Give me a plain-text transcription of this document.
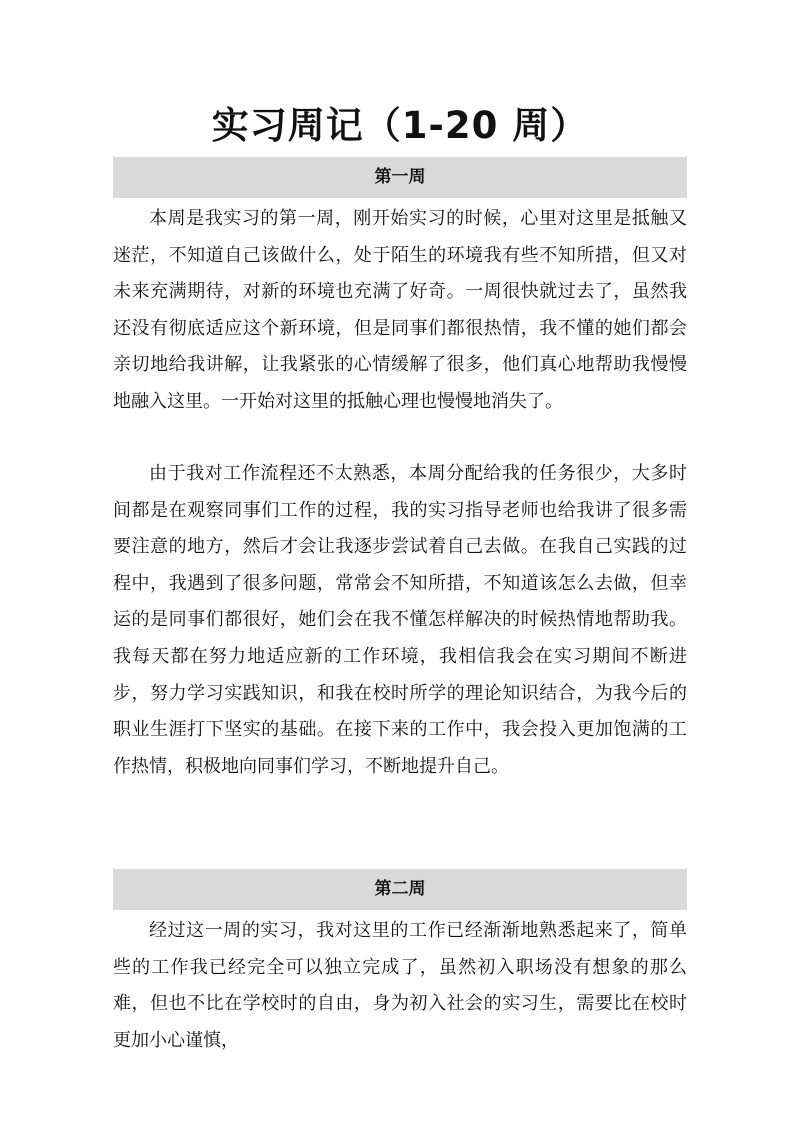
实习周记（1-20 周）
第一周

本周是我实习的第一周，刚开始实习的时候，心里对这里是抵触又迷茫，不知道自己该做什么，处于陌生的环境我有些不知所措，但又对未来充满期待，对新的环境也充满了好奇。一周很快就过去了，虽然我还没有彻底适应这个新环境，但是同事们都很热情，我不懂的她们都会亲切地给我讲解，让我紧张的心情缓解了很多，他们真心地帮助我慢慢地融入这里。一开始对这里的抵触心理也慢慢地消失了。

由于我对工作流程还不太熟悉，本周分配给我的任务很少，大多时间都是在观察同事们工作的过程，我的实习指导老师也给我讲了很多需要注意的地方，然后才会让我逐步尝试着自己去做。在我自己实践的过程中，我遇到了很多问题，常常会不知所措，不知道该怎么去做，但幸运的是同事们都很好，她们会在我不懂怎样解决的时候热情地帮助我。我每天都在努力地适应新的工作环境，我相信我会在实习期间不断进步，努力学习实践知识，和我在校时所学的理论知识结合，为我今后的职业生涯打下坚实的基础。在接下来的工作中，我会投入更加饱满的工作热情，积极地向同事们学习，不断地提升自己。

第二周

经过这一周的实习，我对这里的工作已经渐渐地熟悉起来了，简单些的工作我已经完全可以独立完成了，虽然初入职场没有想象的那么难，但也不比在学校时的自由，身为初入社会的实习生，需要比在校时更加小心谨慎，
